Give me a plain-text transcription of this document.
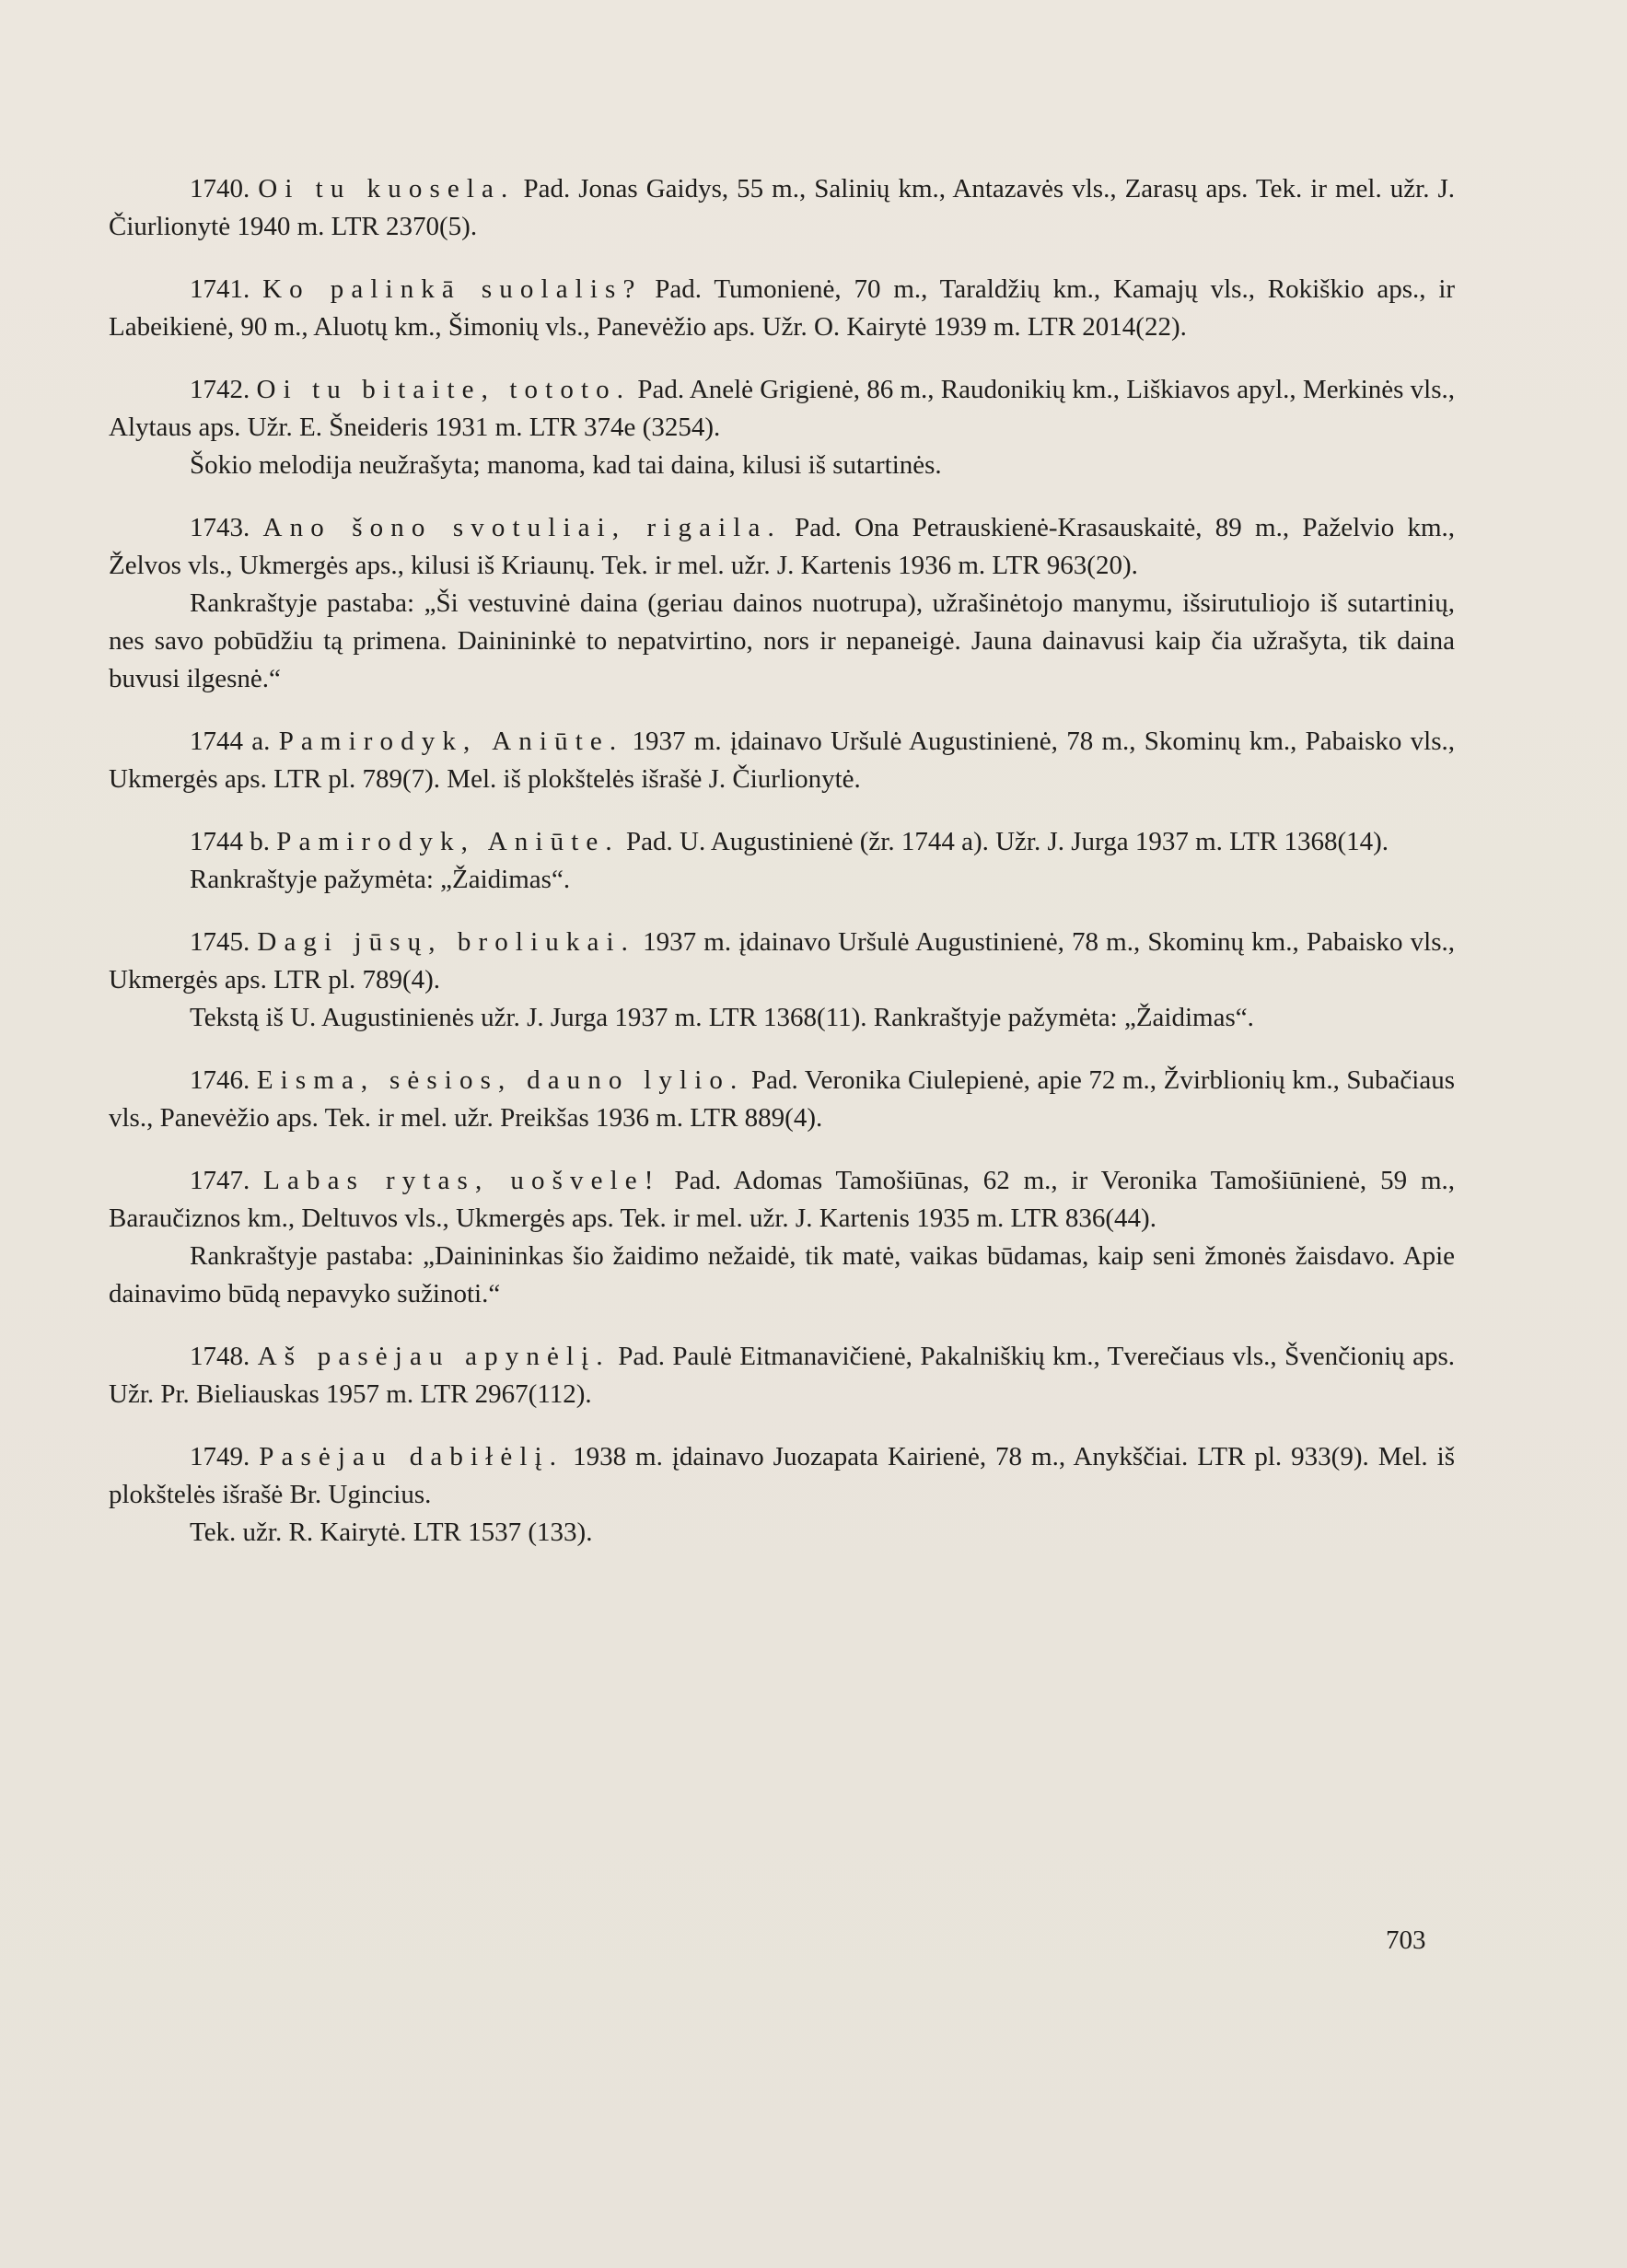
1740. Oi tu kuosela. Pad. Jonas Gaidys, 55 m., Salinių km., Antazavės vls., Zarasų aps. Tek. ir mel. užr. J. Čiurlionytė 1940 m. LTR 2370(5).

1741. Ko palinkā suolalis? Pad. Tumonienė, 70 m., Taraldžių km., Kamajų vls., Rokiškio aps., ir Labeikienė, 90 m., Aluotų km., Šimonių vls., Panevėžio aps. Užr. O. Kairytė 1939 m. LTR 2014(22).

1742. Oi tu bitaite, tototo. Pad. Anelė Grigienė, 86 m., Raudonikių km., Liškiavos apyl., Merkinės vls., Alytaus aps. Užr. E. Šneideris 1931 m. LTR 374e (3254).

Šokio melodija neužrašyta; manoma, kad tai daina, kilusi iš sutartinės.

1743. Ano šono svotuliai, rigaila. Pad. Ona Petrauskienė-Krasauskaitė, 89 m., Paželvio km., Želvos vls., Ukmergės aps., kilusi iš Kriaunų. Tek. ir mel. užr. J. Kartenis 1936 m. LTR 963(20).

Rankraštyje pastaba: „Ši vestuvinė daina (geriau dainos nuotrupa), užrašinėtojo manymu, išsirutuliojo iš sutartinių, nes savo pobūdžiu tą primena. Dainininkė to nepatvirtino, nors ir nepaneigė. Jauna dainavusi kaip čia užrašyta, tik daina buvusi ilgesnė.“

1744 a. Pamirodyk, Aniūte. 1937 m. įdainavo Uršulė Augustinienė, 78 m., Skominų km., Pabaisko vls., Ukmergės aps. LTR pl. 789(7). Mel. iš plokštelės išrašė J. Čiurlionytė.

1744 b. Pamirodyk, Aniūte. Pad. U. Augustinienė (žr. 1744 a). Užr. J. Jurga 1937 m. LTR 1368(14).

Rankraštyje pažymėta: „Žaidimas“.

1745. Dagi jūsų, broliukai. 1937 m. įdainavo Uršulė Augustinienė, 78 m., Skominų km., Pabaisko vls., Ukmergės aps. LTR pl. 789(4).

Tekstą iš U. Augustinienės užr. J. Jurga 1937 m. LTR 1368(11). Rankraštyje pažymėta: „Žaidimas“.

1746. Eisma, sėsios, dauno lylio. Pad. Veronika Ciulepienė, apie 72 m., Žvirblionių km., Subačiaus vls., Panevėžio aps. Tek. ir mel. užr. Preikšas 1936 m. LTR 889(4).

1747. Labas rytas, uošvele! Pad. Adomas Tamošiūnas, 62 m., ir Veronika Tamošiūnienė, 59 m., Baraučiznos km., Deltuvos vls., Ukmergės aps. Tek. ir mel. užr. J. Kartenis 1935 m. LTR 836(44).

Rankraštyje pastaba: „Dainininkas šio žaidimo nežaidė, tik matė, vaikas būdamas, kaip seni žmonės žaisdavo. Apie dainavimo būdą nepavyko sužinoti.“

1748. Aš pasėjau apynėlį. Pad. Paulė Eitmanavičienė, Pakalniškių km., Tverečiaus vls., Švenčionių aps. Užr. Pr. Bieliauskas 1957 m. LTR 2967(112).

1749. Pasėjau dabiłėlį. 1938 m. įdainavo Juozapata Kairienė, 78 m., Anykščiai. LTR pl. 933(9). Mel. iš plokštelės išrašė Br. Ugincius.

Tek. užr. R. Kairytė. LTR 1537 (133).

703
